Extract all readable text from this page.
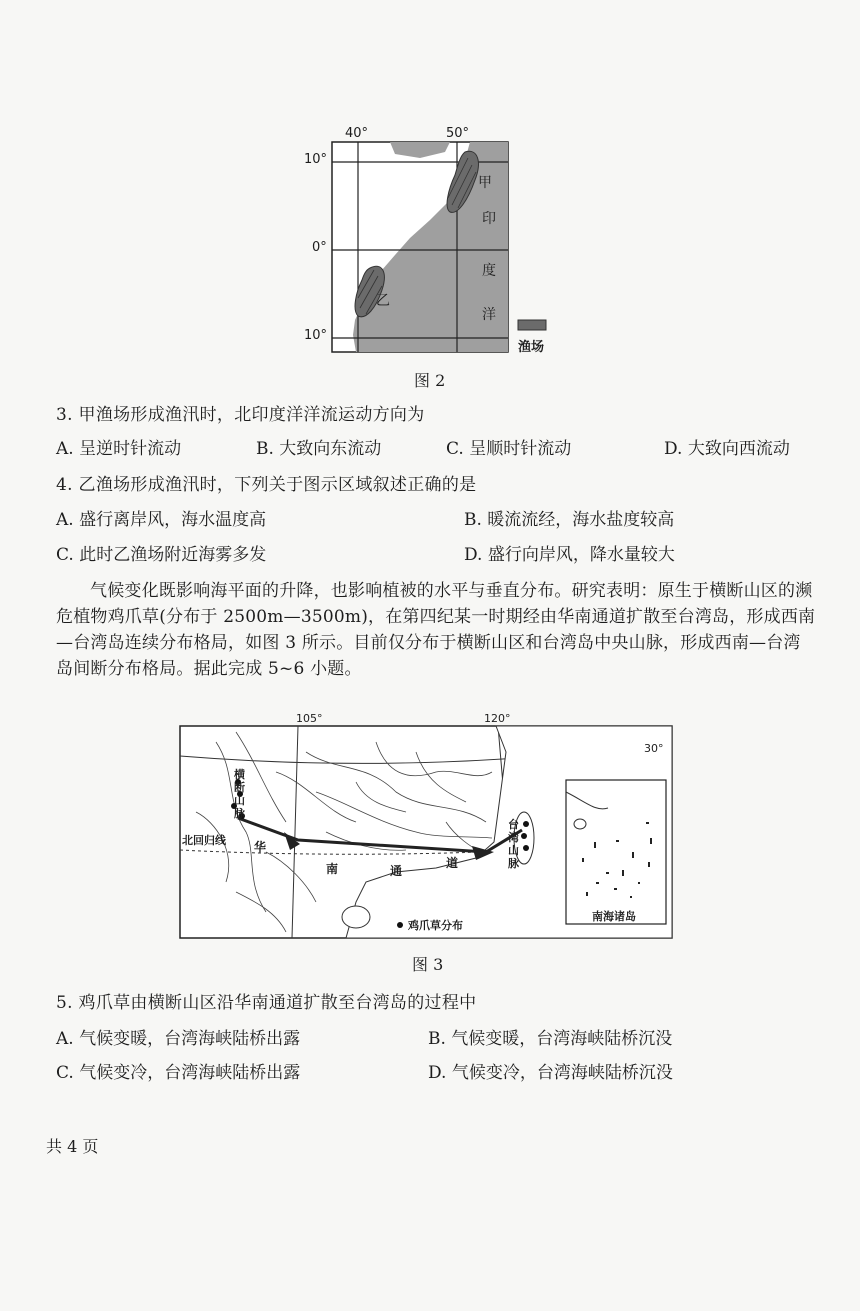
40°	50°
10°
0°
10°
甲
印
度
洋
乙
渔场
图 2
3. 甲渔场形成渔汛时，北印度洋洋流运动方向为
A. 呈逆时针流动	B. 大致向东流动	C. 呈顺时针流动	D. 大致向西流动
4. 乙渔场形成渔汛时，下列关于图示区域叙述正确的是
A. 盛行离岸风，海水温度高	B. 暖流流经，海水盐度较高
C. 此时乙渔场附近海雾多发	D. 盛行向岸风，降水量较大
气候变化既影响海平面的升降，也影响植被的水平与垂直分布。研究表明：原生于横断山区的濒危植物鸡爪草(分布于 2500m—3500m)，在第四纪某一时期经由华南通道扩散至台湾岛，形成西南—台湾岛连续分布格局，如图 3 所示。目前仅分布于横断山区和台湾岛中央山脉，形成西南—台湾岛间断分布格局。据此完成 5~6 小题。
105°	120°
30°
北回归线
横
断
山
脉
华
南	通
道
台
湾
山
脉
鸡爪草分布
南海诸岛
图 3
5. 鸡爪草由横断山区沿华南通道扩散至台湾岛的过程中
A. 气候变暖，台湾海峡陆桥出露	B. 气候变暖，台湾海峡陆桥沉没
C. 气候变冷，台湾海峡陆桥出露	D. 气候变冷，台湾海峡陆桥沉没
共 4 页
